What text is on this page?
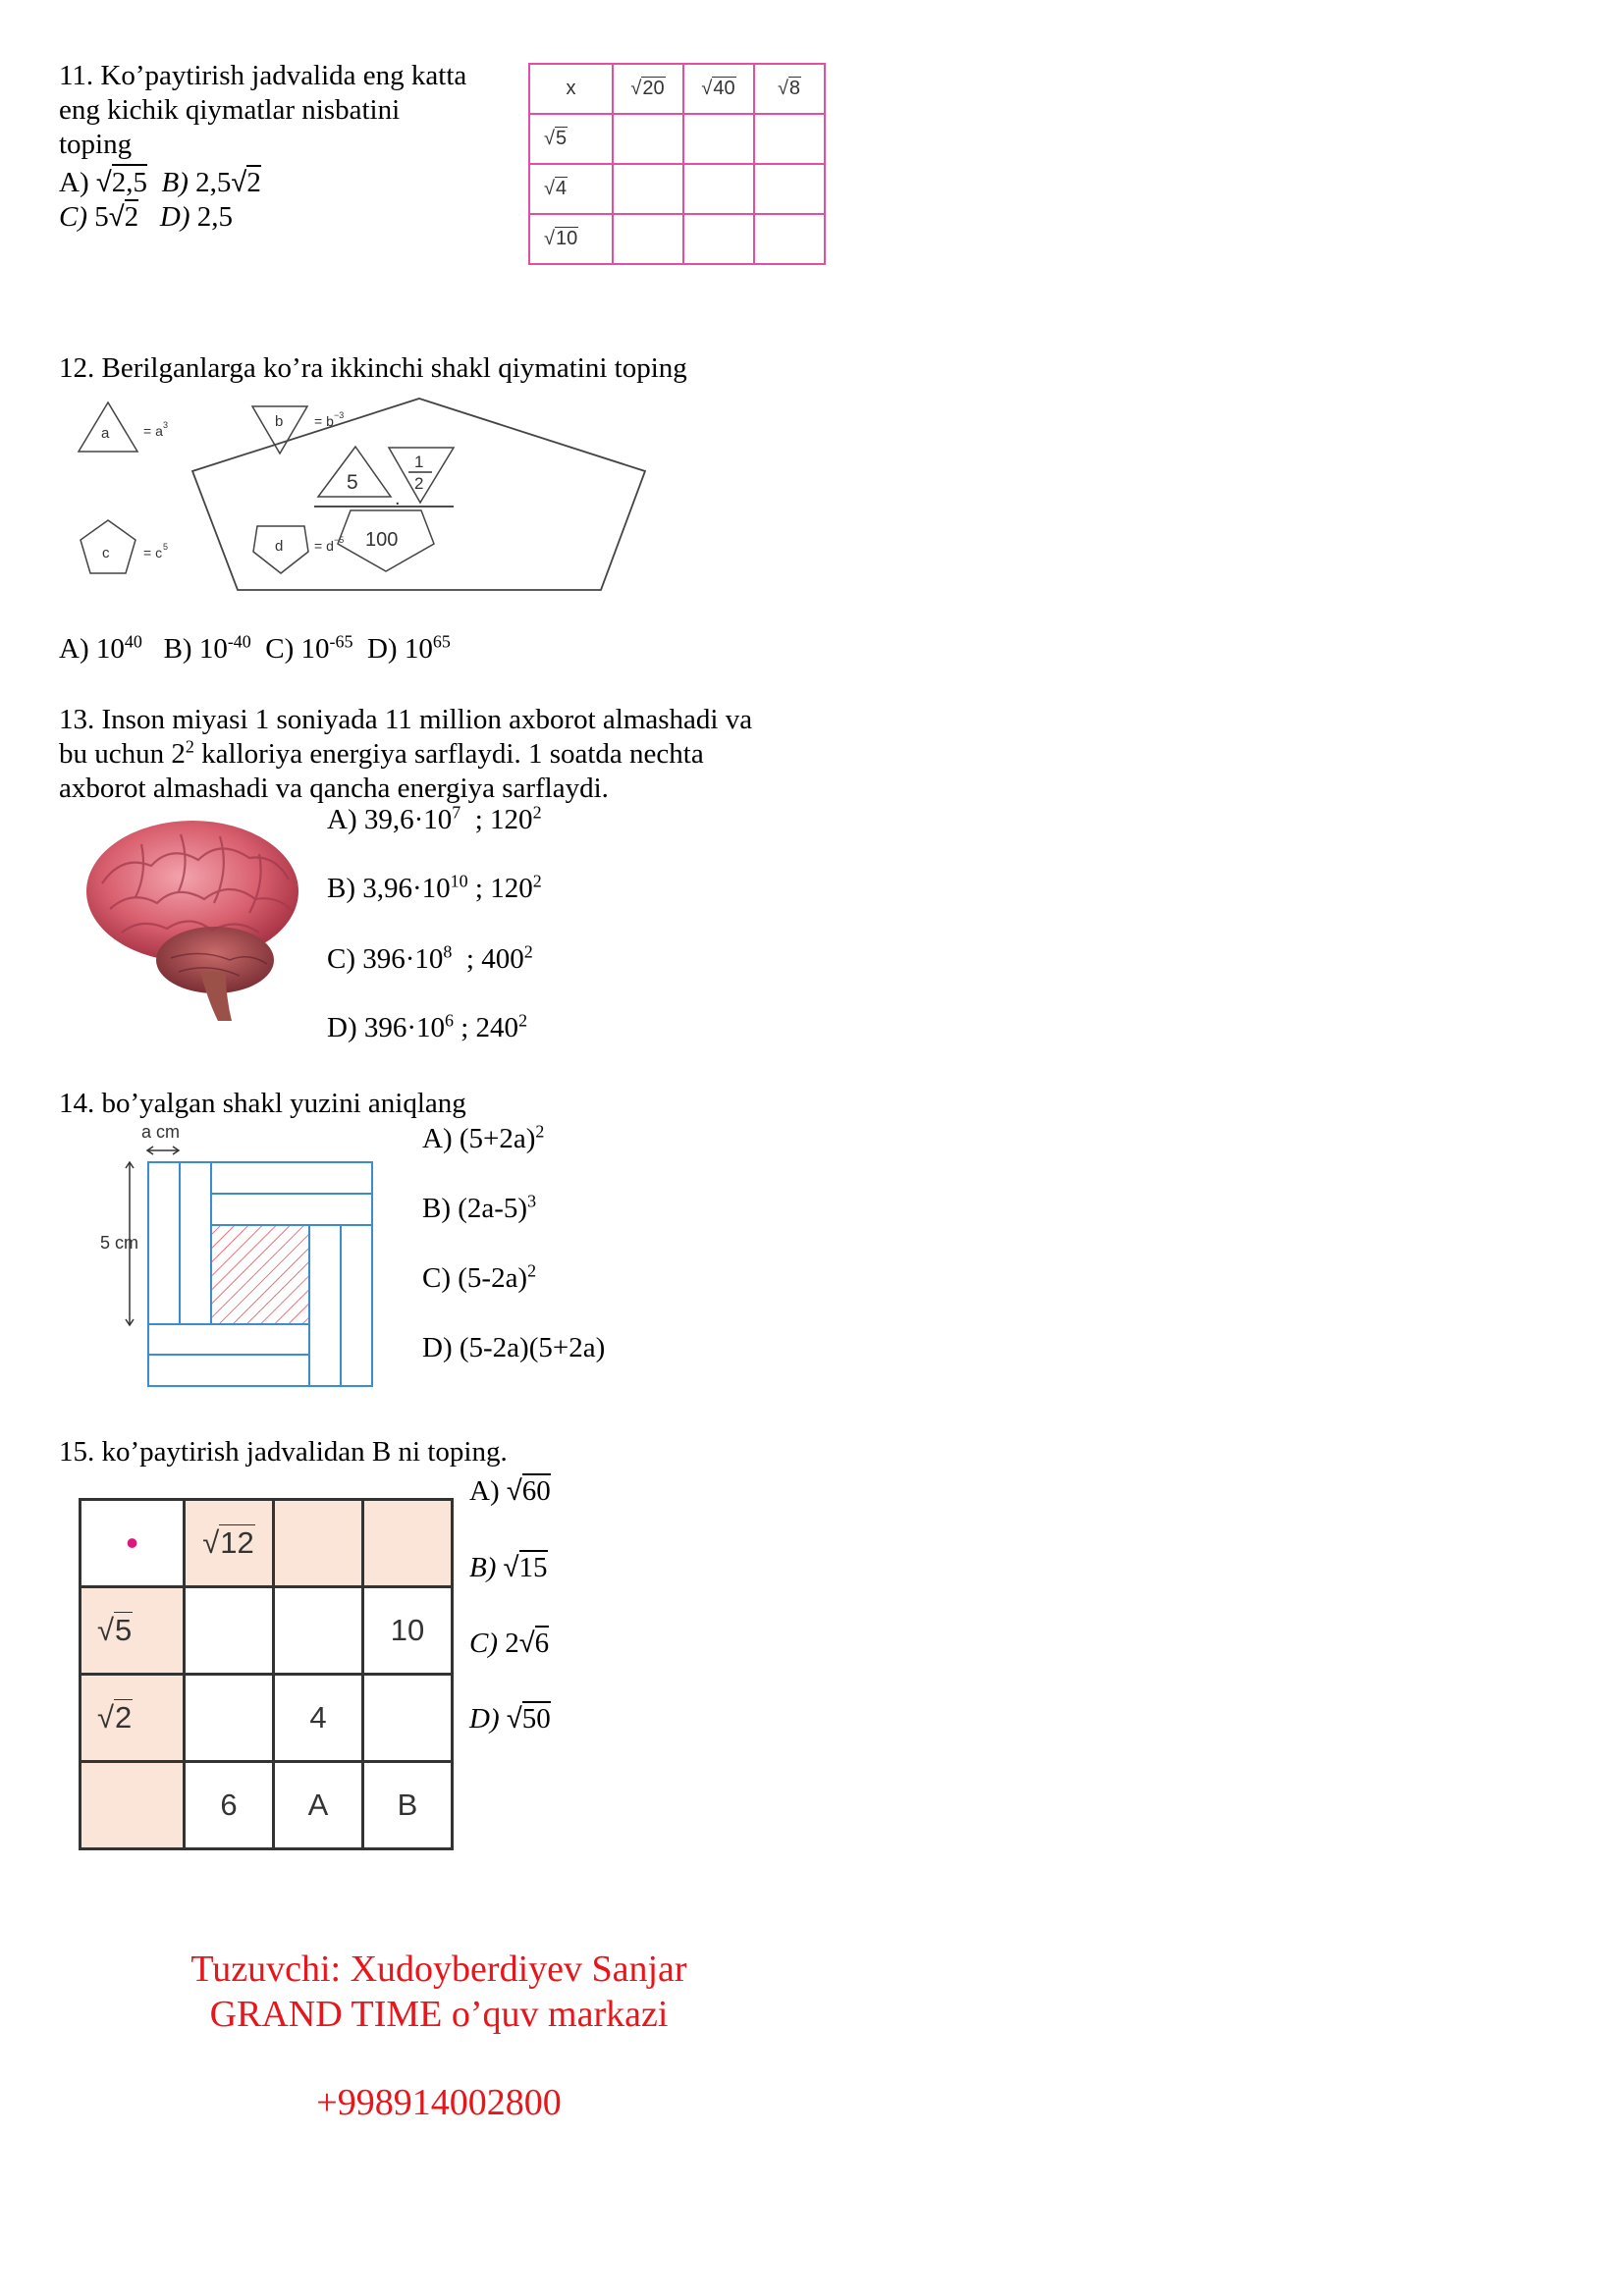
11. Ko’paytirish jadvalida eng katta
eng kichik qiymatlar nisbatini
toping
A) √2,5 B) 2,5√2
C) 5√2 D) 2,5
x	√20	√40	√8
√5			
√4			
√10			
12. Berilganlarga ko’ra ikkinchi shakl qiymatini toping
a = a 3	b = b −3
c = c 5	d = d −5
5
1
2
.
100
A) $10^{40}$ B) $10^{-40}$ C) $10^{-65}$ D) $10^{65}$
13. Inson miyasi 1 soniyada 11 million axborot almashadi va
bu uchun $2^2$ kalloriya energiya sarflaydi. 1 soatda nechta
axborot almashadi va qancha energiya sarflaydi.
A) $39,6\cdot 10^7$  ; $120^2$
B) $3,96\cdot 10^{10}$ ; $120^2$
C) $396\cdot 10^8$  ; $400^2$
D) $396\cdot 10^6$ ; $240^2$
14. bo’yalgan shakl yuzini aniqlang
a cm
5 cm
A) $(5+2a)^2$
B) $(2a-5)^3$
C) $(5-2a)^2$
D) (5-2a)(5+2a)
15. ko’paytirish jadvalidan B ni toping.
•	√12		
√5			10
√2		4	
	6	A	B
A) √60
B) √15
C) 2√6
D) √50
Tuzuvchi: Xudoyberdiyev Sanjar
GRAND TIME o’quv markazi
+998914002800
